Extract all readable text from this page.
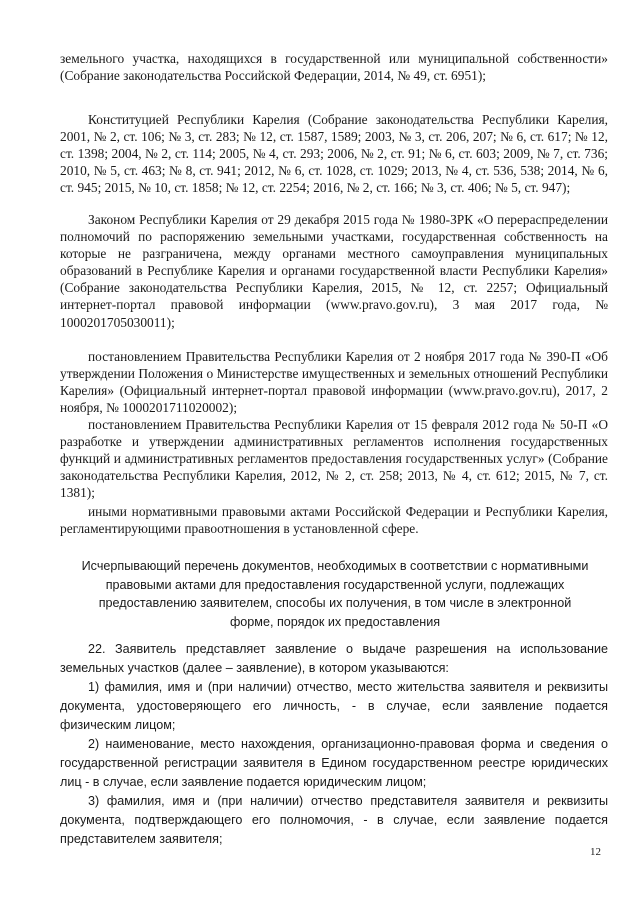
земельного участка, находящихся в государственной или муниципальной собственности» (Собрание законодательства Российской Федерации, 2014, № 49, ст. 6951);

Конституцией Республики Карелия (Собрание законодательства Республики Карелия, 2001, № 2, ст. 106; № 3, ст. 283; № 12, ст. 1587, 1589; 2003, № 3, ст. 206, 207; № 6, ст. 617; № 12, ст. 1398; 2004, № 2, ст. 114; 2005, № 4, ст. 293; 2006, № 2, ст. 91; № 6, ст. 603; 2009, № 7, ст. 736; 2010, № 5, ст. 463; № 8, ст. 941; 2012, № 6, ст. 1028, ст. 1029; 2013, № 4, ст. 536, 538; 2014, № 6, ст. 945; 2015, № 10, ст. 1858; № 12, ст. 2254; 2016, № 2, ст. 166; № 3, ст. 406; № 5, ст. 947);

Законом Республики Карелия от 29 декабря 2015 года № 1980-ЗРК «О перераспределении полномочий по распоряжению земельными участками, государственная собственность на которые не разграничена, между органами местного самоуправления муниципальных образований в Республике Карелия и органами государственной власти Республики Карелия» (Собрание законодательства Республики Карелия, 2015, № 12, ст. 2257; Официальный интернет-портал правовой информации (www.pravo.gov.ru), 3 мая 2017 года, № 1000201705030011);

постановлением Правительства Республики Карелия от 2 ноября 2017 года № 390-П «Об утверждении Положения о Министерстве имущественных и земельных отношений Республики Карелия» (Официальный интернет-портал правовой информации (www.pravo.gov.ru), 2017, 2 ноября, № 1000201711020002);

постановлением Правительства Республики Карелия от 15 февраля 2012 года № 50-П «О разработке и утверждении административных регламентов исполнения государственных функций и административных регламентов предоставления государственных услуг» (Собрание законодательства Республики Карелия, 2012, № 2, ст. 258; 2013, № 4, ст. 612; 2015, № 7, ст. 1381);

иными нормативными правовыми актами Российской Федерации и Республики Карелия, регламентирующими правоотношения в установленной сфере.

Исчерпывающий перечень документов, необходимых в соответствии с нормативными правовыми актами для предоставления государственной услуги, подлежащих предоставлению заявителем, способы их получения, в том числе в электронной форме, порядок их предоставления

22. Заявитель представляет заявление о выдаче разрешения на использование земельных участков (далее – заявление), в котором указываются:

1) фамилия, имя и (при наличии) отчество, место жительства заявителя и реквизиты документа, удостоверяющего его личность, - в случае, если заявление подается физическим лицом;

2) наименование, место нахождения, организационно-правовая форма и сведения о государственной регистрации заявителя в Едином государственном реестре юридических лиц - в случае, если заявление подается юридическим лицом;

3) фамилия, имя и (при наличии) отчество представителя заявителя и реквизиты документа, подтверждающего его полномочия, - в случае, если заявление подается представителем заявителя;

12
